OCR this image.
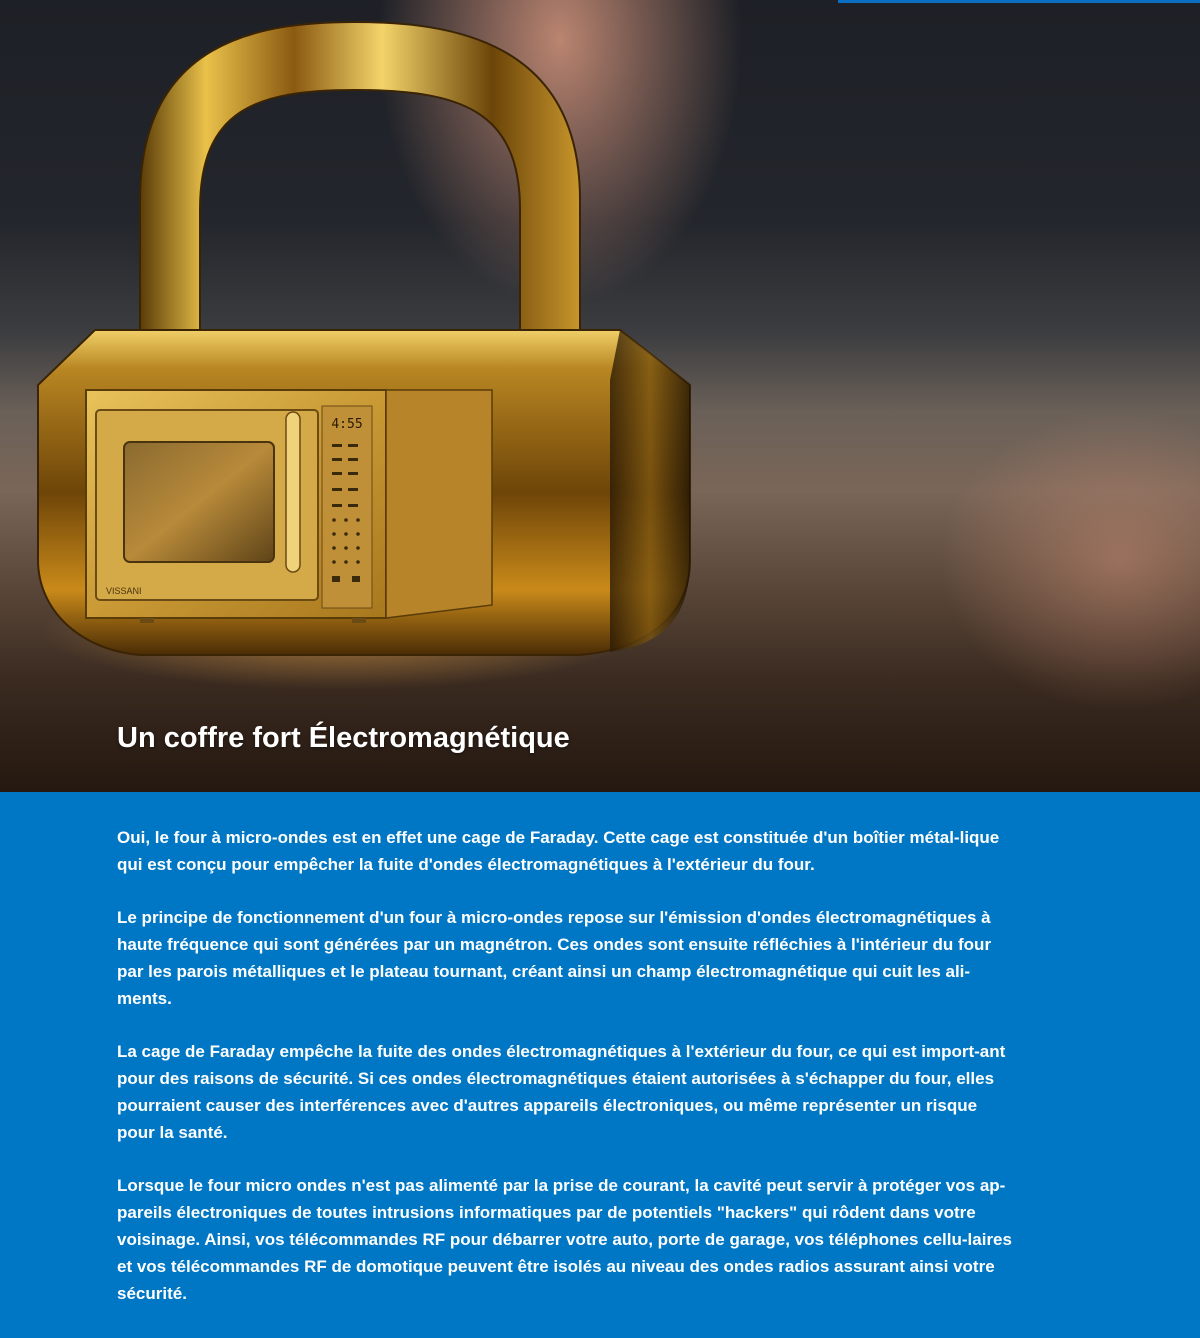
4:55
VISSANI
Un coffre fort Électromagnétique

Oui, le four à micro-ondes est en effet une cage de Faraday. Cette cage est constituée d'un boîtier métal-lique qui est conçu pour empêcher la fuite d'ondes électromagnétiques à l'extérieur du four.

Le principe de fonctionnement d'un four à micro-ondes repose sur l'émission d'ondes électromagnétiques à haute fréquence qui sont générées par un magnétron. Ces ondes sont ensuite réfléchies à l'intérieur du four par les parois métalliques et le plateau tournant, créant ainsi un champ électromagnétique qui cuit les ali-ments.

La cage de Faraday empêche la fuite des ondes électromagnétiques à l'extérieur du four, ce qui est import-ant pour des raisons de sécurité. Si ces ondes électromagnétiques étaient autorisées à s'échapper du four, elles pourraient causer des interférences avec d'autres appareils électroniques, ou même représenter un risque pour la santé.

Lorsque le four micro ondes n'est pas alimenté par la prise de courant, la cavité peut servir à protéger vos ap-pareils électroniques de toutes intrusions informatiques par de potentiels "hackers" qui rôdent dans votre voisinage. Ainsi, vos télécommandes RF pour débarrer votre auto, porte de garage, vos téléphones cellu-laires et vos télécommandes RF de domotique peuvent être isolés au niveau des ondes radios assurant ainsi votre sécurité.
